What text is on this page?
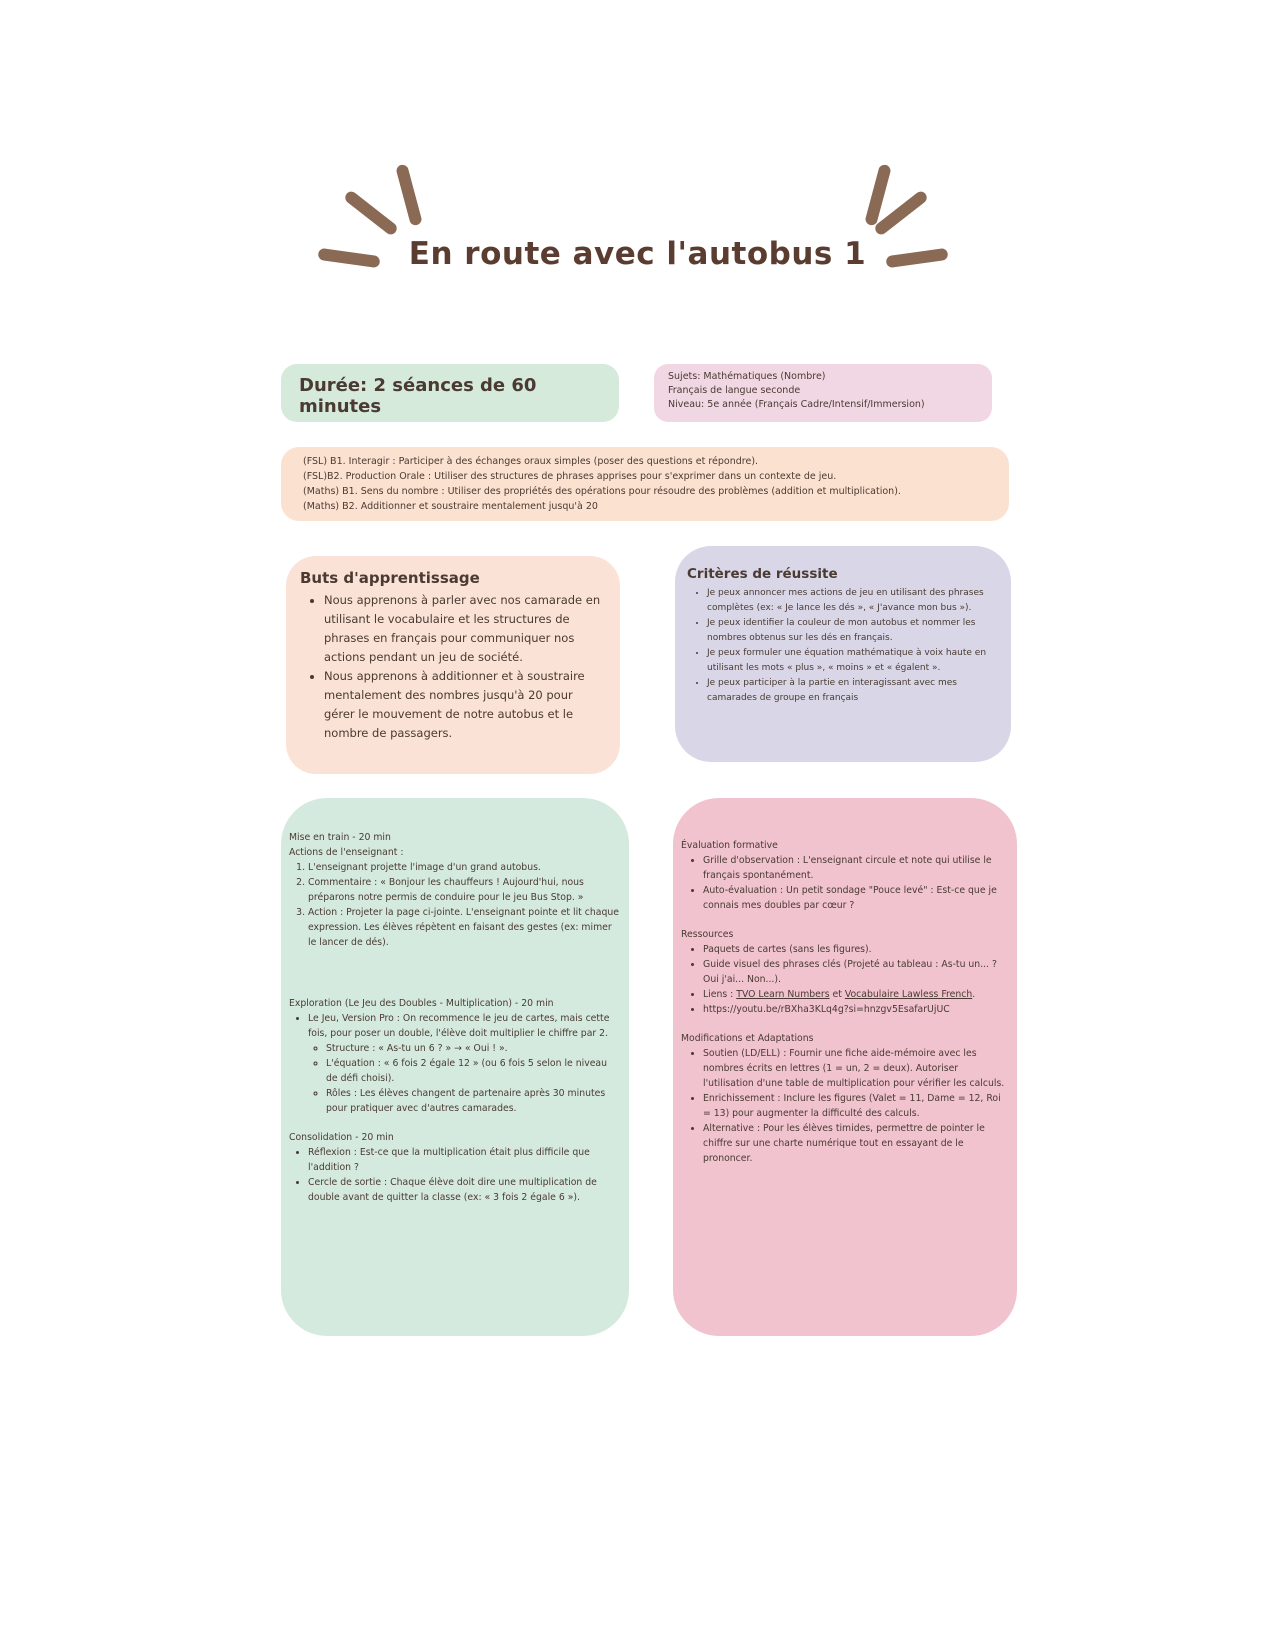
En route avec l'autobus 1
Durée: 2 séances de 60 minutes
Sujets: Mathématiques (Nombre)
Français de langue seconde
Niveau: 5e année (Français Cadre/Intensif/Immersion)
(FSL) B1. Interagir : Participer à des échanges oraux simples (poser des questions et répondre).
(FSL)B2. Production Orale : Utiliser des structures de phrases apprises pour s'exprimer dans un contexte de jeu.
(Maths) B1. Sens du nombre : Utiliser des propriétés des opérations pour résoudre des problèmes (addition et multiplication).
(Maths) B2. Additionner et soustraire mentalement jusqu'à 20
Buts d'apprentissage
• Nous apprenons à parler avec nos camarade en utilisant le vocabulaire et les structures de phrases en français pour communiquer nos actions pendant un jeu de société.
• Nous apprenons à additionner et à soustraire mentalement des nombres jusqu'à 20 pour gérer le mouvement de notre autobus et le nombre de passagers.
Critères de réussite
• Je peux annoncer mes actions de jeu en utilisant des phrases complètes (ex: « Je lance les dés », « J'avance mon bus »).
• Je peux identifier la couleur de mon autobus et nommer les nombres obtenus sur les dés en français.
• Je peux formuler une équation mathématique à voix haute en utilisant les mots « plus », « moins » et « égalent ».
• Je peux participer à la partie en interagissant avec mes camarades de groupe en français
Mise en train - 20 min
Actions de l'enseignant :
1. L'enseignant projette l'image d'un grand autobus.
2. Commentaire : « Bonjour les chauffeurs ! Aujourd'hui, nous préparons notre permis de conduire pour le jeu Bus Stop. »
3. Action : Projeter la page ci-jointe. L'enseignant pointe et lit chaque expression. Les élèves répètent en faisant des gestes (ex: mimer le lancer de dés).
Exploration (Le Jeu des Doubles - Multiplication) - 20 min
• Le Jeu, Version Pro : On recommence le jeu de cartes, mais cette fois, pour poser un double, l'élève doit multiplier le chiffre par 2.
◦ Structure : « As-tu un 6 ? » → « Oui ! ».
◦ L'équation : « 6 fois 2 égale 12 » (ou 6 fois 5 selon le niveau de défi choisi).
◦ Rôles : Les élèves changent de partenaire après 30 minutes pour pratiquer avec d'autres camarades.
Consolidation - 20 min
• Réflexion : Est-ce que la multiplication était plus difficile que l'addition ?
• Cercle de sortie : Chaque élève doit dire une multiplication de double avant de quitter la classe (ex: « 3 fois 2 égale 6 »).
Évaluation formative
• Grille d'observation : L'enseignant circule et note qui utilise le français spontanément.
• Auto-évaluation : Un petit sondage "Pouce levé" : Est-ce que je connais mes doubles par cœur ?
Ressources
• Paquets de cartes (sans les figures).
• Guide visuel des phrases clés (Projeté au tableau : As-tu un... ? Oui j'ai... Non...).
• Liens : TVO Learn Numbers et Vocabulaire Lawless French.
• https://youtu.be/rBXha3KLq4g?si=hnzgv5EsafarUjUC
Modifications et Adaptations
• Soutien (LD/ELL) : Fournir une fiche aide-mémoire avec les nombres écrits en lettres (1 = un, 2 = deux). Autoriser l'utilisation d'une table de multiplication pour vérifier les calculs.
• Enrichissement : Inclure les figures (Valet = 11, Dame = 12, Roi = 13) pour augmenter la difficulté des calculs.
• Alternative : Pour les élèves timides, permettre de pointer le chiffre sur une charte numérique tout en essayant de le prononcer.
